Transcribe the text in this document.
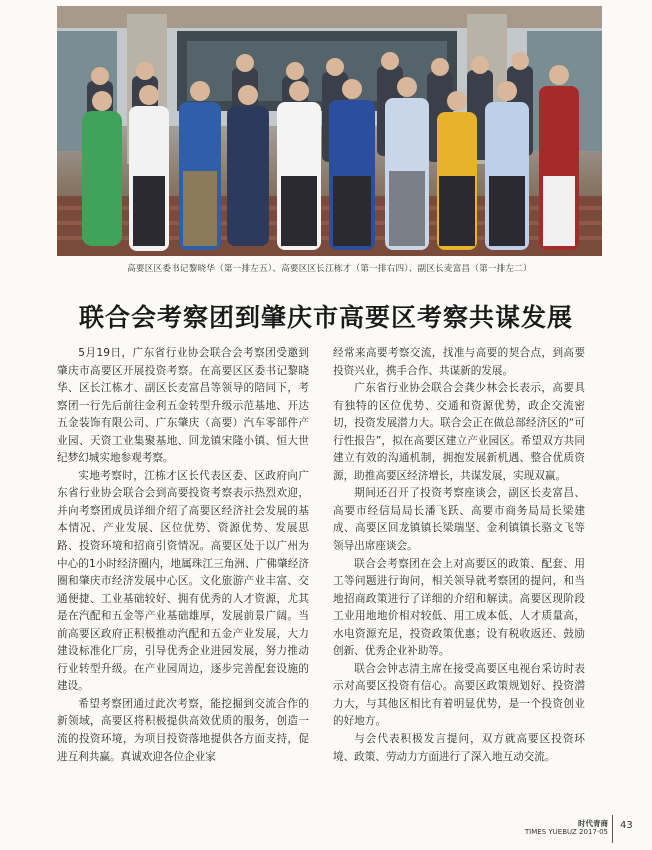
高要区区委书记黎晓华（第一排左五）、高要区区长江栋才（第一排右四）、副区长麦富昌（第一排左二）
联合会考察团到肇庆市高要区考察共谋发展

5月19日，广东省行业协会联合会考察团受邀到肇庆市高要区开展投资考察。在高要区区委书记黎晓华、区长江栋才、副区长麦富昌等领导的陪同下，考察团一行先后前往金利五金转型升级示范基地、开达五金装饰有限公司、广东肇庆（高要）汽车零部件产业园、天资工业集聚基地、回龙镇宋隆小镇、恒大世纪梦幻城实地参观考察。

实地考察时，江栋才区长代表区委、区政府向广东省行业协会联合会到高要投资考察表示热烈欢迎，并向考察团成员详细介绍了高要区经济社会发展的基本情况、产业发展、区位优势、资源优势、发展思路、投资环境和招商引资情况。高要区处于以广州为中心的1小时经济圈内，地属珠江三角洲、广佛肇经济圈和肇庆市经济发展中心区。文化旅游产业丰富、交通便捷、工业基础较好、拥有优秀的人才资源，尤其是在汽配和五金等产业基础雄厚，发展前景广阔。当前高要区政府正积极推动汽配和五金产业发展，大力建设标准化厂房，引导优秀企业进园发展，努力推动行业转型升级。在产业园周边，逐步完善配套设施的建设。

希望考察团通过此次考察，能挖掘到交流合作的新领域，高要区将积极提供高效优质的服务，创造一流的投资环境，为项目投资落地提供各方面支持，促进互利共赢。真诚欢迎各位企业家

经常来高要考察交流，找准与高要的契合点，到高要投资兴业，携手合作、共谋新的发展。

广东省行业协会联合会龚少林会长表示，高要具有独特的区位优势、交通和资源优势，政企交流密切，投资发展潜力大。联合会正在做总部经济区的“可行性报告”，拟在高要区建立产业园区。希望双方共同建立有效的沟通机制，拥抱发展新机遇、整合优质资源，助推高要区经济增长，共谋发展，实现双赢。

期间还召开了投资考察座谈会，副区长麦富昌、高要市经信局局长潘飞跃、高要市商务局局长梁建成、高要区回龙镇镇长梁瑞坚、金利镇镇长骆文飞等领导出席座谈会。

联合会考察团在会上对高要区的政策、配套、用工等问题进行询问，相关领导就考察团的提问，和当地招商政策进行了详细的介绍和解读。高要区现阶段工业用地地价相对较低、用工成本低、人才质量高，水电资源充足，投资政策优惠；设有税收返还、鼓励创新、优秀企业补助等。

联合会钟志清主席在接受高要区电视台采访时表示对高要区投资有信心。高要区政策规划好、投资潜力大，与其他区相比有着明显优势，是一个投资创业的好地方。

与会代表积极发言提问，双方就高要区投资环境、政策、劳动力方面进行了深入地互动交流。

时代青商
TIMES YUEBUZ 2017·05
43
